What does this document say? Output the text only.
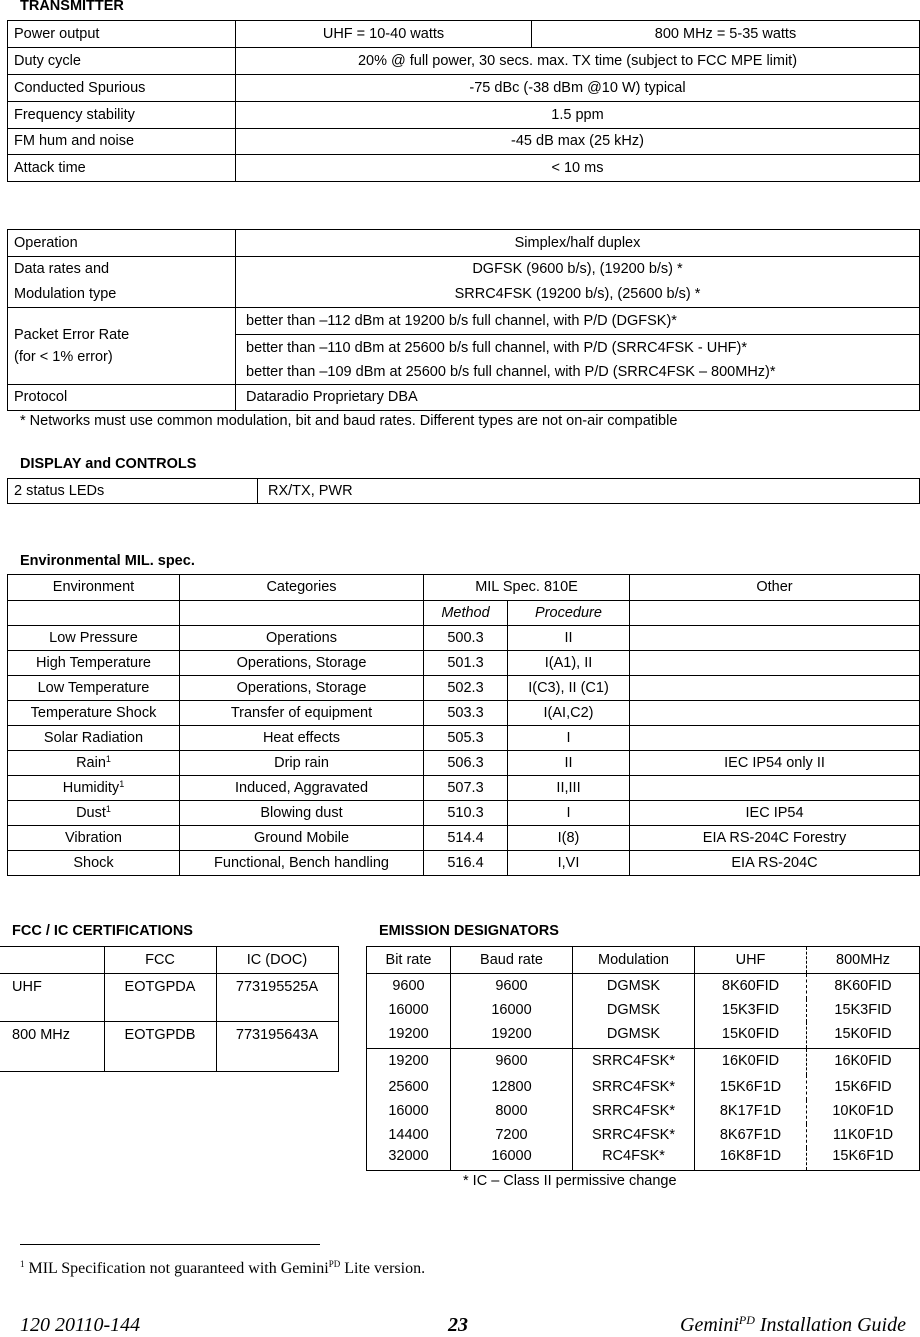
TRANSMITTER
Power output	UHF = 10-40 watts	800 MHz = 5-35 watts
Duty cycle	20% @ full power, 30 secs. max. TX time (subject to FCC MPE limit)	
Conducted Spurious	-75 dBc (-38 dBm @10 W) typical	
Frequency stability	1.5 ppm	
FM hum and noise	-45 dB max (25 kHz)	
Attack time	< 10 ms	
Operation	Simplex/half duplex
Data rates and
Modulation type	DGFSK (9600 b/s), (19200 b/s) *
SRRC4FSK (19200 b/s), (25600 b/s) *
Packet Error Rate
(for < 1% error)	better than –112 dBm at 19200 b/s full channel, with P/D (DGFSK)*
	better than –110 dBm at 25600 b/s full channel, with P/D (SRRC4FSK - UHF)*
better than –109 dBm at 25600 b/s full channel, with P/D (SRRC4FSK – 800MHz)*
Protocol	Dataradio Proprietary DBA
* Networks must use common modulation, bit and baud rates. Different types are not on-air compatible
DISPLAY and CONTROLS
2 status LEDs	RX/TX, PWR
Environmental MIL. spec.
Environment	Categories	MIL Spec. 810E		Other
		Method	Procedure	
Low Pressure	Operations	500.3	II	
High Temperature	Operations, Storage	501.3	I(A1), II	
Low Temperature	Operations, Storage	502.3	I(C3), II (C1)	
Temperature Shock	Transfer of equipment	503.3	I(AI,C2)	
Solar Radiation	Heat effects	505.3	I	
Rain$^1$	Drip rain	506.3	II	IEC IP54 only II
Humidity$^1$	Induced, Aggravated	507.3	II,III	
Dust$^1$	Blowing dust	510.3	I	IEC IP54
Vibration	Ground Mobile	514.4	I(8)	EIA RS-204C Forestry
Shock	Functional, Bench handling	516.4	I,VI	EIA RS-204C
FCC / IC CERTIFICATIONS
	FCC	IC (DOC)
UHF	EOTGPDA	773195525A
800 MHz	EOTGPDB	773195643A
EMISSION DESIGNATORS
Bit rate	Baud rate	Modulation	UHF	800MHz
9600	9600	DGMSK	8K60FID	8K60FID
16000	16000	DGMSK	15K3FID	15K3FID
19200	19200	DGMSK	15K0FID	15K0FID
19200	9600	SRRC4FSK*	16K0FID	16K0FID
25600	12800	SRRC4FSK*	15K6F1D	15K6FID
16000	8000	SRRC4FSK*	8K17F1D	10K0F1D
14400	7200	SRRC4FSK*	8K67F1D	11K0F1D
32000	16000	RC4FSK*	16K8F1D	15K6F1D
* IC – Class II permissive change
$^1$ MIL Specification not guaranteed with Gemini$^{PD}$ Lite version.
120 20110-144	23	Gemini$^{PD}$ Installation Guide
